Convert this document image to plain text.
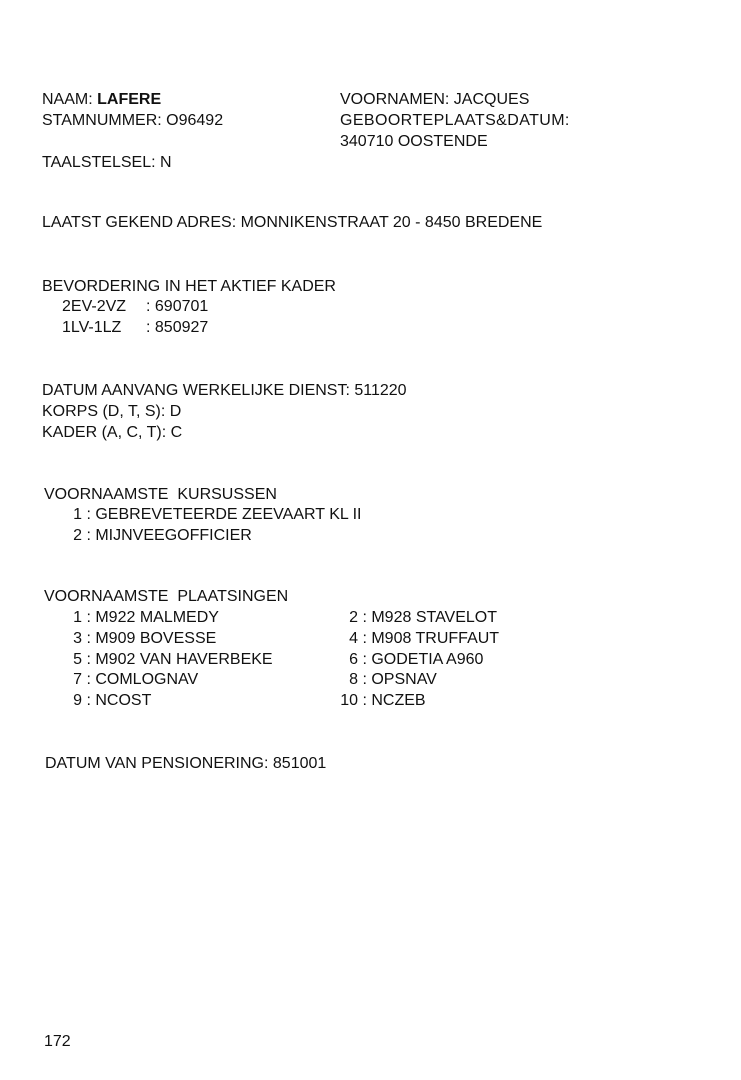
NAAM: LAFERE
STAMNUMMER: O96492
TAALSTELSEL: N
VOORNAMEN: JACQUES
GEBOORTEPLAATS&DATUM:
340710 OOSTENDE
LAATST GEKEND ADRES: MONNIKENSTRAAT 20 - 8450 BREDENE
BEVORDERING IN HET AKTIEF KADER
2EV-2VZ : 690701
1LV-1LZ : 850927
DATUM AANVANG WERKELIJKE DIENST: 511220
KORPS (D, T, S): D
KADER (A, C, T): C
VOORNAAMSTE  KURSUSSEN
1 : GEBREVETEERDE ZEEVAART KL II
2 : MIJNVEEGOFFICIER
VOORNAAMSTE  PLAATSINGEN
1 : M922 MALMEDY
3 : M909 BOVESSE
5 : M902 VAN HAVERBEKE
7 : COMLOGNAV
9 : NCOST
2 : M928 STAVELOT
4 : M908 TRUFFAUT
6 : GODETIA A960
8 : OPSNAV
10 : NCZEB
DATUM VAN PENSIONERING: 851001
172
